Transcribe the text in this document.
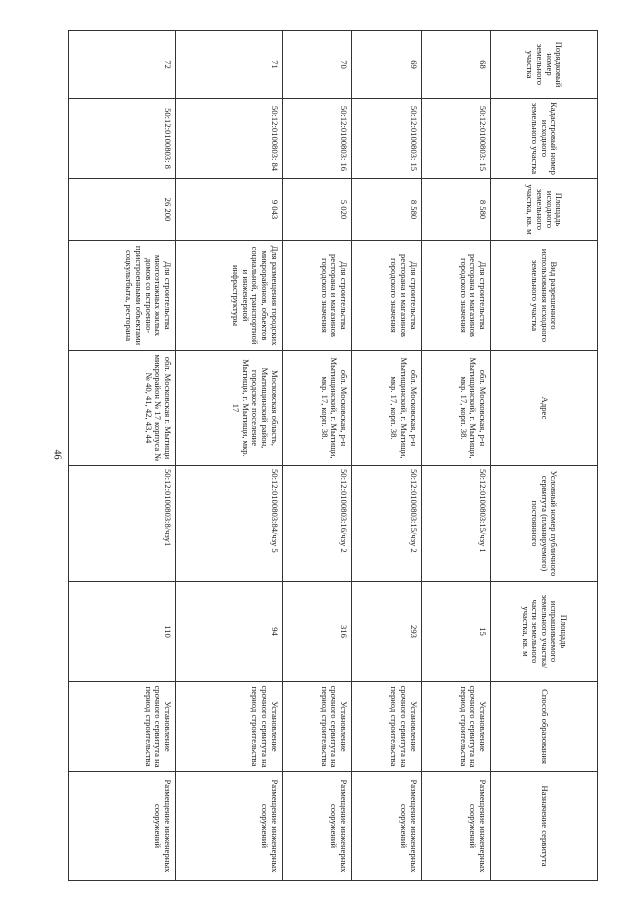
46
Порядковый номер земельного участка	Кадастровый номер исходного земельного участка	Площадь исходного земельного участка, кв. м	Вид разрешенного использования исходного земельного участка	Адрес	Условный номер публичного сервитута (планируемого) постоянного	Площадь испрашиваемого земельного участка/части земельного участка, кв. м	Способ образования	Назначение сервитута
68	50:12:0100803: 15	8 580	Для строительства ресторана и магазинов городского значения	обл. Московская, р-н Мытищинский, г. Мытищи, мкр. 17, корп. 38.	50:12:0100803:15/чзу 1	15	Установление срочного сервитута на период строительства	Размещение инженерных сооружений
69	50:12:0100803: 15	8 580	Для строительства ресторана и магазинов городского значения	обл. Московская, р-н Мытищинский, г. Мытищи, мкр. 17, корп. 38.	50:12:0100803:15/чзу 2	293	Установление срочного сервитута на период строительства	Размещение инженерных сооружений
70	50:12:0100803: 16	5 020	Для строительства ресторана и магазинов городского значения	обл. Московская, р-н Мытищинский, г. Мытищи, мкр. 17, корп. 38.	50:12:0100803:16/чзу 2	316	Установление срочного сервитута на период строительства	Размещение инженерных сооружений
71	50:12:0100803: 84	9 043	Для размещения городских микрорайонов, объектов социальной, транспортной и инженерной инфраструктуры	Московская область, Мытищинский район, городское поселение Мытищи, г. Мытищи, мкр. 17	50:12:0100803:84/чзу 5	94	Установление срочного сервитута на период строительства	Размещение инженерных сооружений
72	50:12:0100803: 8	26 200	Для строительства многоэтажных жилых домов со встроенно-пристроенными объектами соцкультбыта, ресторана	обл. Московская г. Мытищи микрорайон № 17 корпуса №№ 40, 41, 42, 43, 44	50:12:0100803:8/чзу1	110	Установление срочного сервитута на период строительства	Размещение инженерных сооружений
